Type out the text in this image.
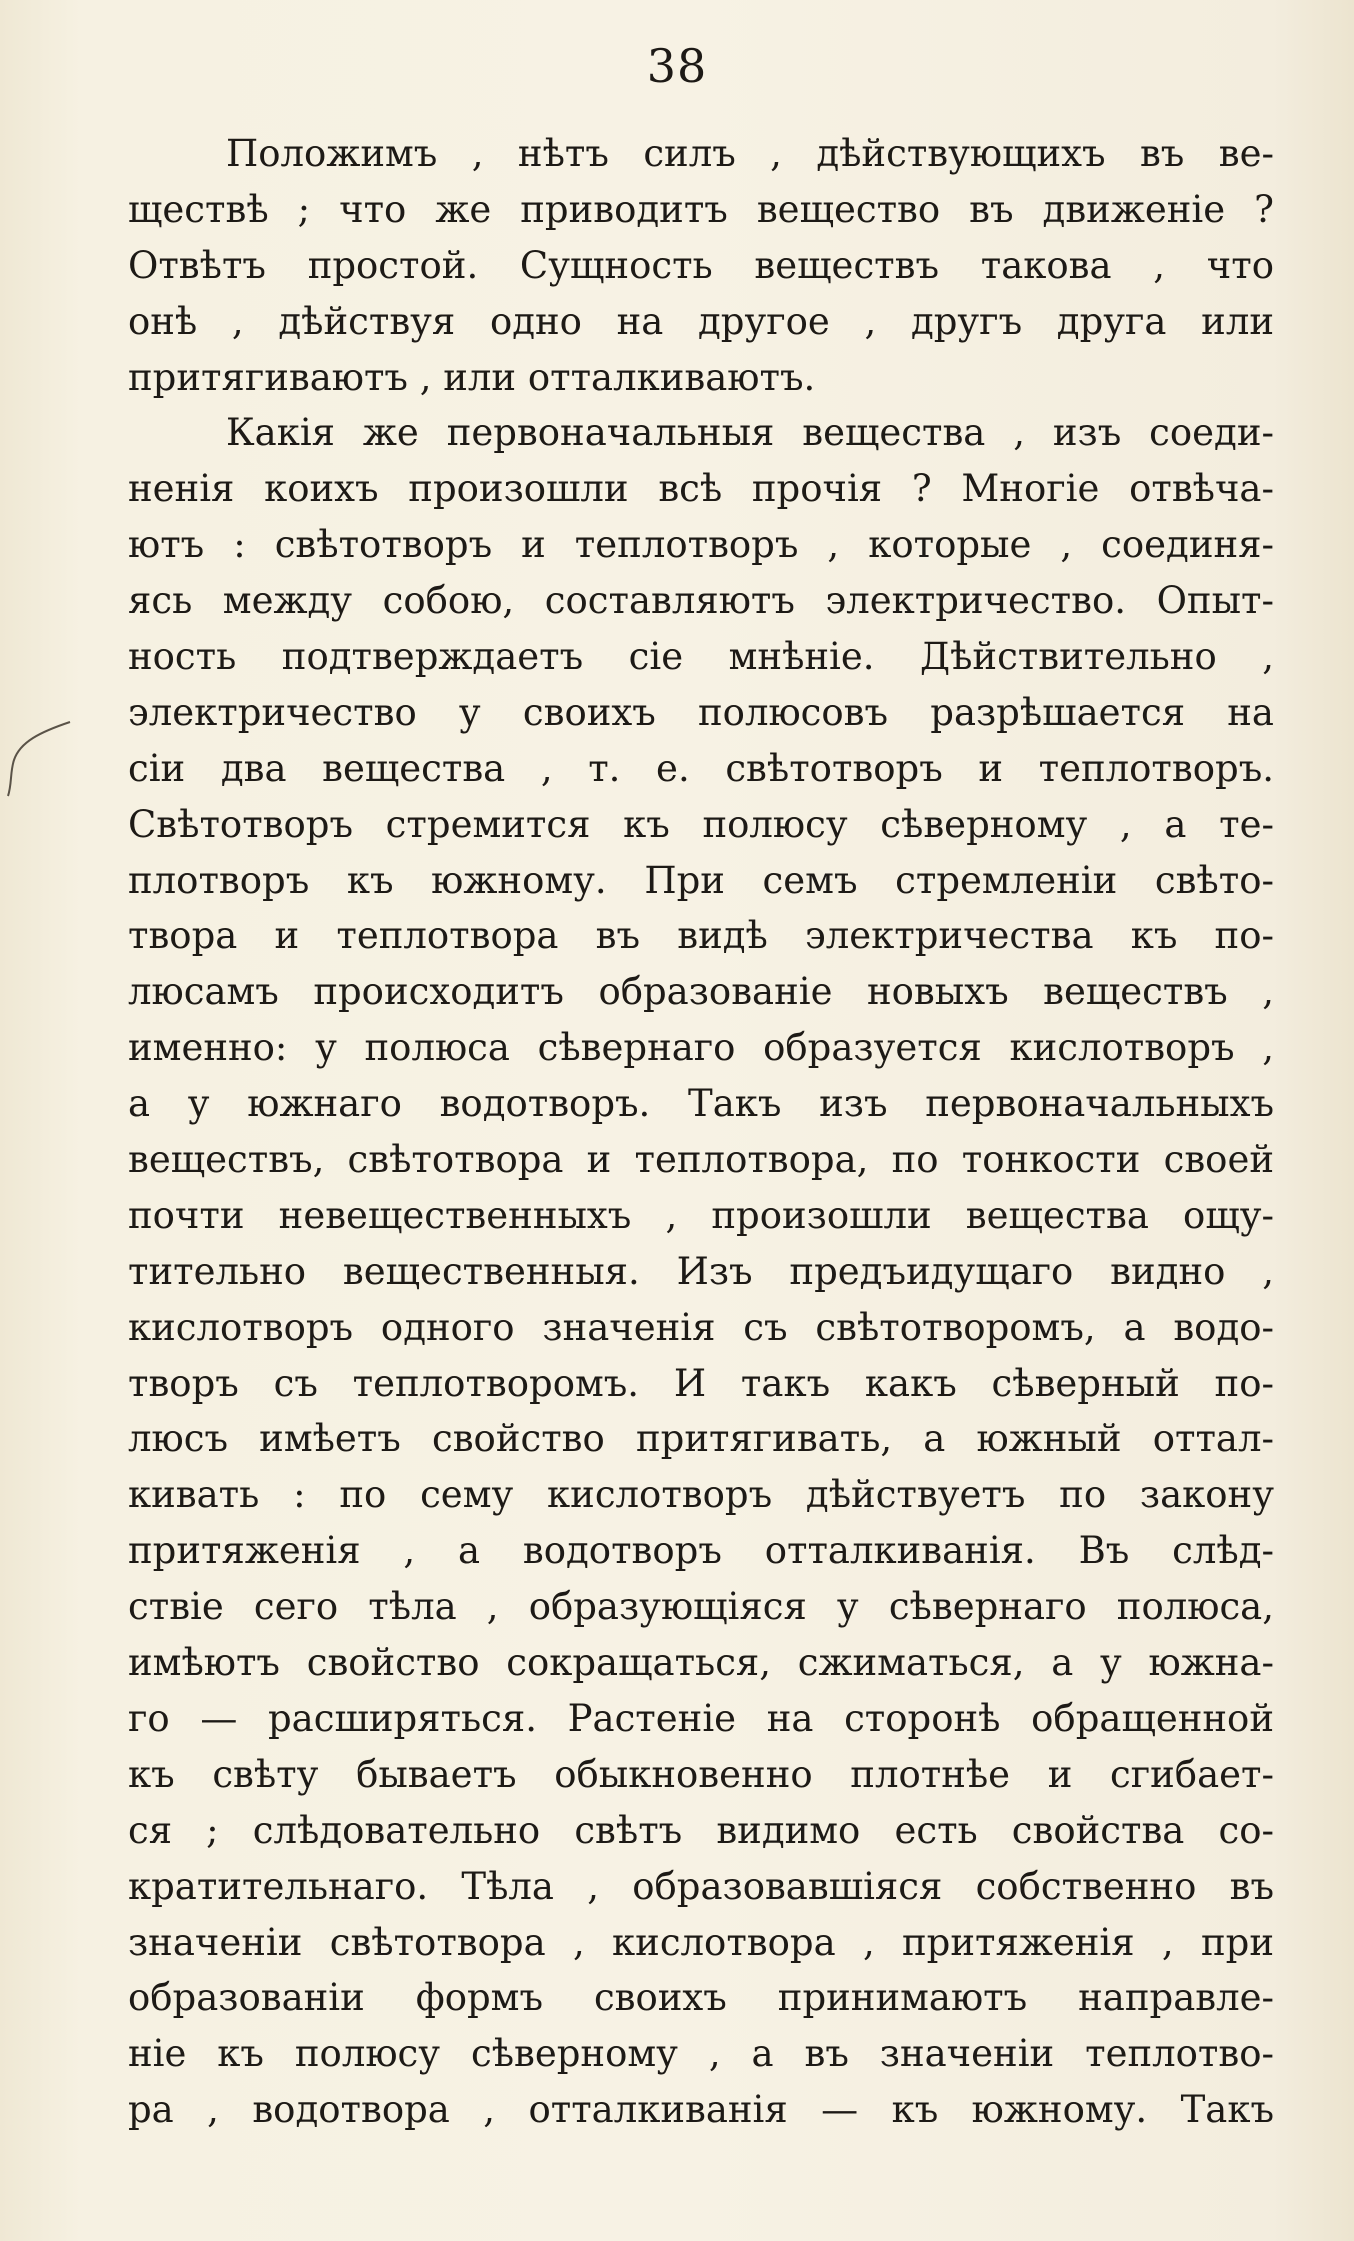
38
Положимъ , нѣтъ силъ , дѣйствующихъ въ ве-
ществѣ ; что же приводитъ вещество въ движеніе ?
Отвѣтъ простой. Сущность веществъ такова , что
онѣ , дѣйствуя одно на другое , другъ друга или
притягиваютъ , или отталкиваютъ.
Какія же первоначальныя вещества , изъ соеди-
ненія коихъ произошли всѣ прочія ? Многіе отвѣча-
ютъ : свѣтотворъ и теплотворъ , которые , соединя-
ясь между собою, составляютъ электричество. Опыт-
ность подтверждаетъ сіе мнѣніе. Дѣйствительно ,
электричество у своихъ полюсовъ разрѣшается на
сіи два вещества , т. е. свѣтотворъ и теплотворъ.
Свѣтотворъ стремится къ полюсу сѣверному , а те-
плотворъ къ южному. При семъ стремленіи свѣто-
твора и теплотвора въ видѣ электричества къ по-
люсамъ происходитъ образованіе новыхъ веществъ ,
именно: у полюса сѣвернаго образуется кислотворъ ,
а у южнаго водотворъ. Такъ изъ первоначальныхъ
веществъ, свѣтотвора и теплотвора, по тонкости своей
почти невещественныхъ , произошли вещества ощу-
тительно вещественныя. Изъ предъидущаго видно ,
кислотворъ одного значенія съ свѣтотворомъ, а водо-
творъ съ теплотворомъ. И такъ какъ сѣверный по-
люсъ имѣетъ свойство притягивать, а южный оттал-
кивать : по сему кислотворъ дѣйствуетъ по закону
притяженія , а водотворъ отталкиванія. Въ слѣд-
ствіе сего тѣла , образующіяся у сѣвернаго полюса,
имѣютъ свойство сокращаться, сжиматься, а у южна-
го — расширяться. Растеніе на сторонѣ обращенной
къ свѣту бываетъ обыкновенно плотнѣе и сгибает-
ся ; слѣдовательно свѣтъ видимо есть свойства со-
кратительнаго. Тѣла , образовавшіяся собственно въ
значеніи свѣтотвора , кислотвора , притяженія , при
образованіи формъ своихъ принимаютъ направле-
ніе къ полюсу сѣверному , а въ значеніи теплотво-
ра , водотвора , отталкиванія — къ южному. Такъ
